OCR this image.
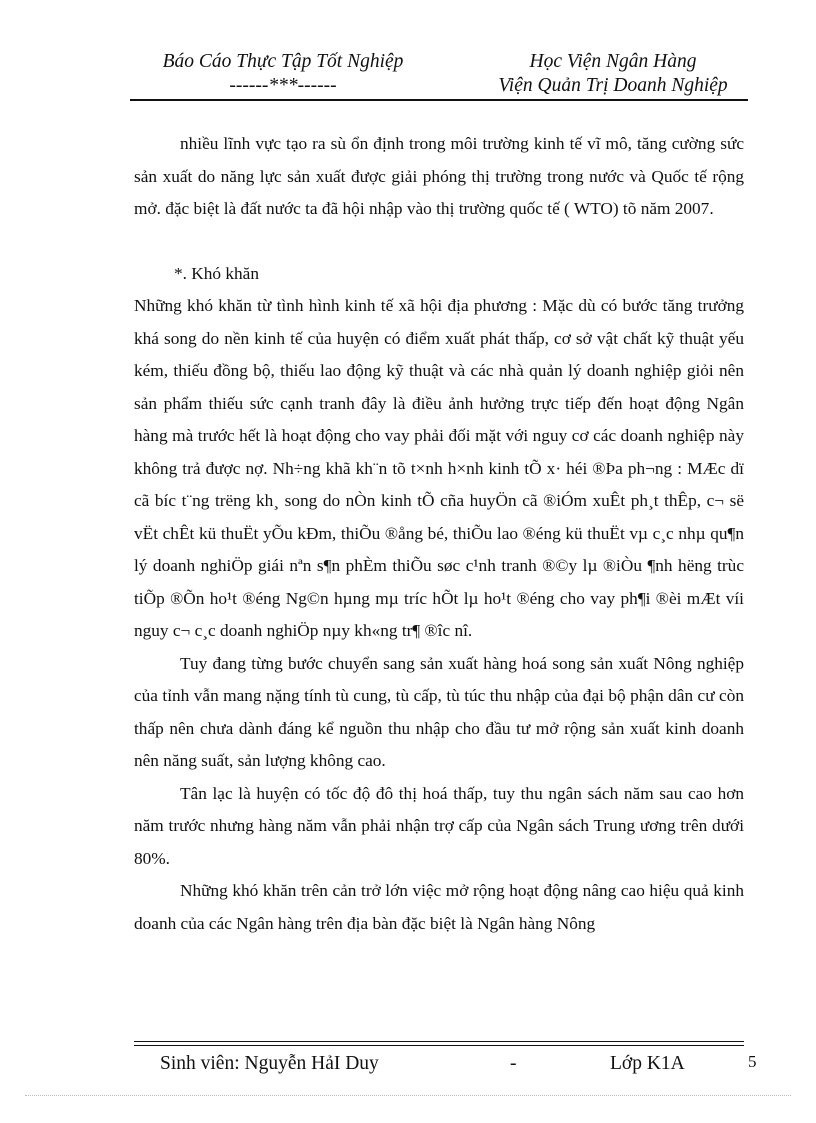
Báo Cáo Thực Tập Tốt Nghiệp
------***------
Học Viện Ngân Hàng
Viện Quản Trị Doanh Nghiệp

nhiều lĩnh vực tạo ra sù ổn định trong môi trường kinh tế vĩ mô, tăng cường sức sản xuất do năng lực sản xuất được giải phóng thị trường trong nước và Quốc tế rộng mở. đặc biệt là đất nước ta đã hội nhập vào thị trường quốc tế ( WTO) tõ năm 2007.

*. Khó khăn

Những khó khăn từ tình hình kinh tế xã hội địa phương : Mặc dù có bước tăng trưởng khá song do nền kinh tế của huyện có điểm xuất phát thấp, cơ sở vật chất kỹ thuật yếu kém, thiếu đồng bộ, thiếu lao động kỹ thuật và các nhà quản lý doanh nghiệp giỏi nên sản phẩm thiếu sức cạnh tranh đây là điều ảnh hưởng trực tiếp đến hoạt động Ngân hàng mà trước hết là hoạt động cho vay phải đối mặt với nguy cơ các doanh nghiệp này không trả được nợ. Nh÷ng khã kh¨n tõ t×nh h×nh kinh tÕ x· héi ®Þa ph¬ng : MÆc dï cã bíc t¨ng trëng kh¸ song do nÒn kinh tÕ cña huyÖn cã ®iÓm xuÊt ph¸t thÊp, c¬ së vËt chÊt kü thuËt yÕu kÐm, thiÕu ®ång bé, thiÕu lao ®éng kü thuËt vµ c¸c nhµ qu¶n lý doanh nghiÖp giái nªn s¶n phÈm thiÕu søc c¹nh tranh ®©y lµ ®iÒu ¶nh hëng trùc tiÕp ®Õn ho¹t ®éng Ng©n hµng mµ tríc hÕt lµ ho¹t ®éng cho vay ph¶i ®èi mÆt víi nguy c¬ c¸c doanh nghiÖp nµy kh«ng tr¶ ®îc nî.

Tuy đang từng bước chuyển sang sản xuất hàng hoá song sản xuất Nông nghiệp của tỉnh vẫn mang nặng tính tù cung, tù cấp, tù túc thu nhập của đại bộ phận dân cư còn thấp nên chưa dành đáng kể nguồn thu nhập cho đầu tư mở rộng sản xuất kinh doanh nên năng suất, sản lượng không cao.

Tân lạc là huyện có tốc độ đô thị hoá thấp, tuy thu ngân sách năm sau cao hơn năm trước nhưng hàng năm vẫn phải nhận trợ cấp của Ngân sách Trung ương trên dưới 80%.

Những khó khăn trên cản trở lớn việc mở rộng hoạt động nâng cao hiệu quả kinh doanh của các Ngân hàng trên địa bàn đặc biệt là Ngân hàng Nông

Sinh viên: Nguyễn HảI Duy	-	Lớp K1A	5
